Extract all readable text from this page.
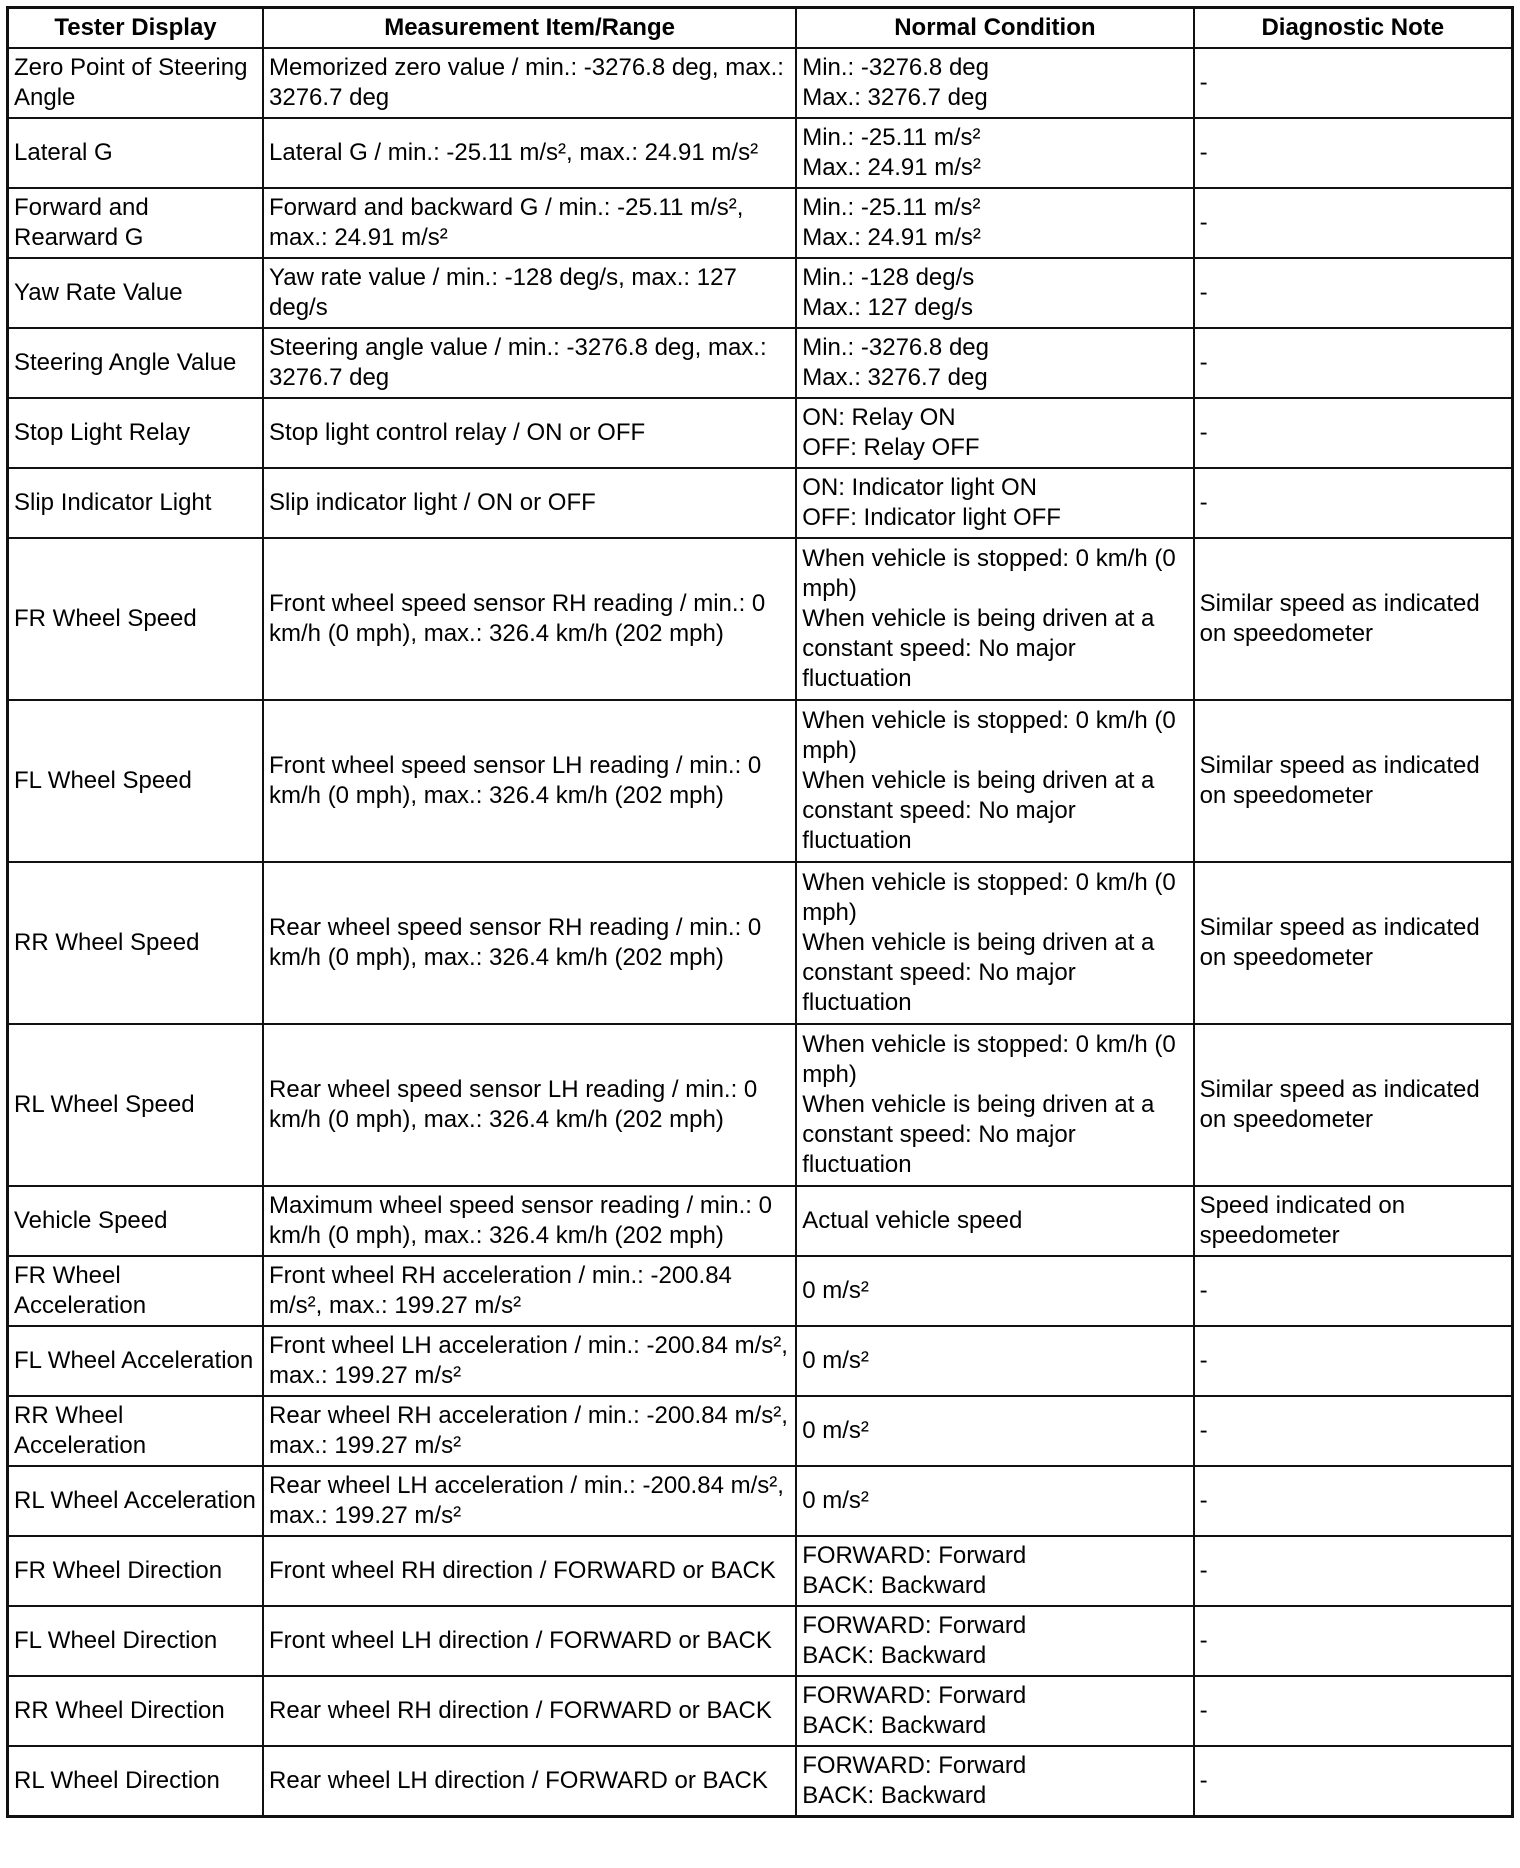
Tester Display	Measurement Item/Range	Normal Condition	Diagnostic Note

Zero Point of Steering Angle	Memorized zero value / min.: -3276.8 deg, max.: 3276.7 deg	Min.: -3276.8 deg
Max.: 3276.7 deg	-

Lateral G	Lateral G / min.: -25.11 m/s², max.: 24.91 m/s²	Min.: -25.11 m/s²
Max.: 24.91 m/s²	-

Forward and Rearward G	Forward and backward G / min.: -25.11 m/s², max.: 24.91 m/s²	Min.: -25.11 m/s²
Max.: 24.91 m/s²	-

Yaw Rate Value	Yaw rate value / min.: -128 deg/s, max.: 127 deg/s	Min.: -128 deg/s
Max.: 127 deg/s	-

Steering Angle Value	Steering angle value / min.: -3276.8 deg, max.: 3276.7 deg	Min.: -3276.8 deg
Max.: 3276.7 deg	-

Stop Light Relay	Stop light control relay / ON or OFF	ON: Relay ON
OFF: Relay OFF	-

Slip Indicator Light	Slip indicator light / ON or OFF	ON: Indicator light ON
OFF: Indicator light OFF	-

FR Wheel Speed	Front wheel speed sensor RH reading / min.: 0 km/h (0 mph), max.: 326.4 km/h (202 mph)	When vehicle is stopped: 0 km/h (0 mph)
When vehicle is being driven at a constant speed: No major fluctuation	Similar speed as indicated on speedometer

FL Wheel Speed	Front wheel speed sensor LH reading / min.: 0 km/h (0 mph), max.: 326.4 km/h (202 mph)	When vehicle is stopped: 0 km/h (0 mph)
When vehicle is being driven at a constant speed: No major fluctuation	Similar speed as indicated on speedometer

RR Wheel Speed	Rear wheel speed sensor RH reading / min.: 0 km/h (0 mph), max.: 326.4 km/h (202 mph)	When vehicle is stopped: 0 km/h (0 mph)
When vehicle is being driven at a constant speed: No major fluctuation	Similar speed as indicated on speedometer

RL Wheel Speed	Rear wheel speed sensor LH reading / min.: 0 km/h (0 mph), max.: 326.4 km/h (202 mph)	When vehicle is stopped: 0 km/h (0 mph)
When vehicle is being driven at a constant speed: No major fluctuation	Similar speed as indicated on speedometer

Vehicle Speed	Maximum wheel speed sensor reading / min.: 0 km/h (0 mph), max.: 326.4 km/h (202 mph)	Actual vehicle speed	Speed indicated on speedometer

FR Wheel Acceleration	Front wheel RH acceleration / min.: -200.84 m/s², max.: 199.27 m/s²	0 m/s²	-

FL Wheel Acceleration	Front wheel LH acceleration / min.: -200.84 m/s², max.: 199.27 m/s²	0 m/s²	-

RR Wheel Acceleration	Rear wheel RH acceleration / min.: -200.84 m/s², max.: 199.27 m/s²	0 m/s²	-

RL Wheel Acceleration	Rear wheel LH acceleration / min.: -200.84 m/s², max.: 199.27 m/s²	0 m/s²	-

FR Wheel Direction	Front wheel RH direction / FORWARD or BACK	FORWARD: Forward
BACK: Backward	-

FL Wheel Direction	Front wheel LH direction / FORWARD or BACK	FORWARD: Forward
BACK: Backward	-

RR Wheel Direction	Rear wheel RH direction / FORWARD or BACK	FORWARD: Forward
BACK: Backward	-

RL Wheel Direction	Rear wheel LH direction / FORWARD or BACK	FORWARD: Forward
BACK: Backward	-
